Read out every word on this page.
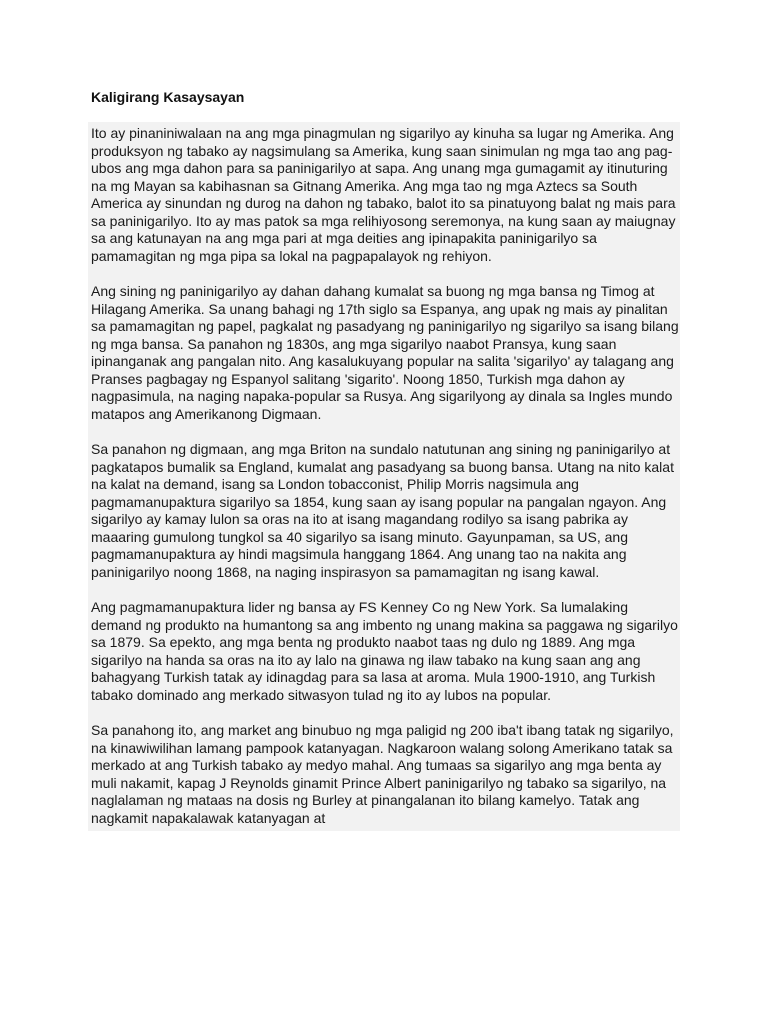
Kaligirang Kasaysayan

Ito ay pinaniniwalaan na ang mga pinagmulan ng sigarilyo ay kinuha sa lugar ng Amerika. Ang produksyon ng tabako ay nagsimulang sa Amerika, kung saan sinimulan ng mga tao ang pag-ubos ang mga dahon para sa paninigarilyo at sapa. Ang unang mga gumagamit ay itinuturing na mg Mayan sa kabihasnan sa Gitnang Amerika. Ang mga tao ng mga Aztecs sa South America ay sinundan ng durog na dahon ng tabako, balot ito sa pinatuyong balat ng mais para sa paninigarilyo. Ito ay mas patok sa mga relihiyosong seremonya, na kung saan ay maiugnay sa ang katunayan na ang mga pari at mga deities ang ipinapakita paninigarilyo sa pamamagitan ng mga pipa sa lokal na pagpapalayok ng rehiyon.

Ang sining ng paninigarilyo ay dahan dahang kumalat sa buong ng mga bansa ng Timog at Hilagang Amerika. Sa unang bahagi ng 17th siglo sa Espanya, ang upak ng mais ay pinalitan sa pamamagitan ng papel, pagkalat ng pasadyang ng paninigarilyo ng sigarilyo sa isang bilang ng mga bansa. Sa panahon ng 1830s, ang mga sigarilyo naabot Pransya, kung saan ipinanganak ang pangalan nito. Ang kasalukuyang popular na salita 'sigarilyo' ay talagang ang Pranses pagbagay ng Espanyol salitang 'sigarito'. Noong 1850, Turkish mga dahon ay nagpasimula, na naging napaka-popular sa Rusya. Ang sigarilyong ay dinala sa Ingles mundo matapos ang Amerikanong Digmaan.

Sa panahon ng digmaan, ang mga Briton na sundalo natutunan ang sining ng paninigarilyo at pagkatapos bumalik sa England, kumalat ang pasadyang sa buong bansa. Utang na nito kalat na kalat na demand, isang sa London tobacconist, Philip Morris nagsimula ang pagmamanupaktura sigarilyo sa 1854, kung saan ay isang popular na pangalan ngayon. Ang sigarilyo ay kamay lulon sa oras na ito at isang magandang rodilyo sa isang pabrika ay maaaring gumulong tungkol sa 40 sigarilyo sa isang minuto. Gayunpaman, sa US, ang pagmamanupaktura ay hindi magsimula hanggang 1864. Ang unang tao na nakita ang paninigarilyo noong 1868, na naging inspirasyon sa pamamagitan ng isang kawal.

Ang pagmamanupaktura lider ng bansa ay FS Kenney Co ng New York. Sa lumalaking demand ng produkto na humantong sa ang imbento ng unang makina sa paggawa ng sigarilyo sa 1879. Sa epekto, ang mga benta ng produkto naabot taas ng dulo ng 1889. Ang mga sigarilyo na handa sa oras na ito ay lalo na ginawa ng ilaw tabako na kung saan ang ang bahagyang Turkish tatak ay idinagdag para sa lasa at aroma. Mula 1900-1910, ang Turkish tabako dominado ang merkado sitwasyon tulad ng ito ay lubos na popular.

Sa panahong ito, ang market ang binubuo ng mga paligid ng 200 iba't ibang tatak ng sigarilyo, na kinawiwilihan lamang pampook katanyagan. Nagkaroon walang solong Amerikano tatak sa merkado at ang Turkish tabako ay medyo mahal. Ang tumaas sa sigarilyo ang mga benta ay muli nakamit, kapag J Reynolds ginamit Prince Albert paninigarilyo ng tabako sa sigarilyo, na naglalaman ng mataas na dosis ng Burley at pinangalanan ito bilang kamelyo. Tatak ang nagkamit napakalawak katanyagan at
